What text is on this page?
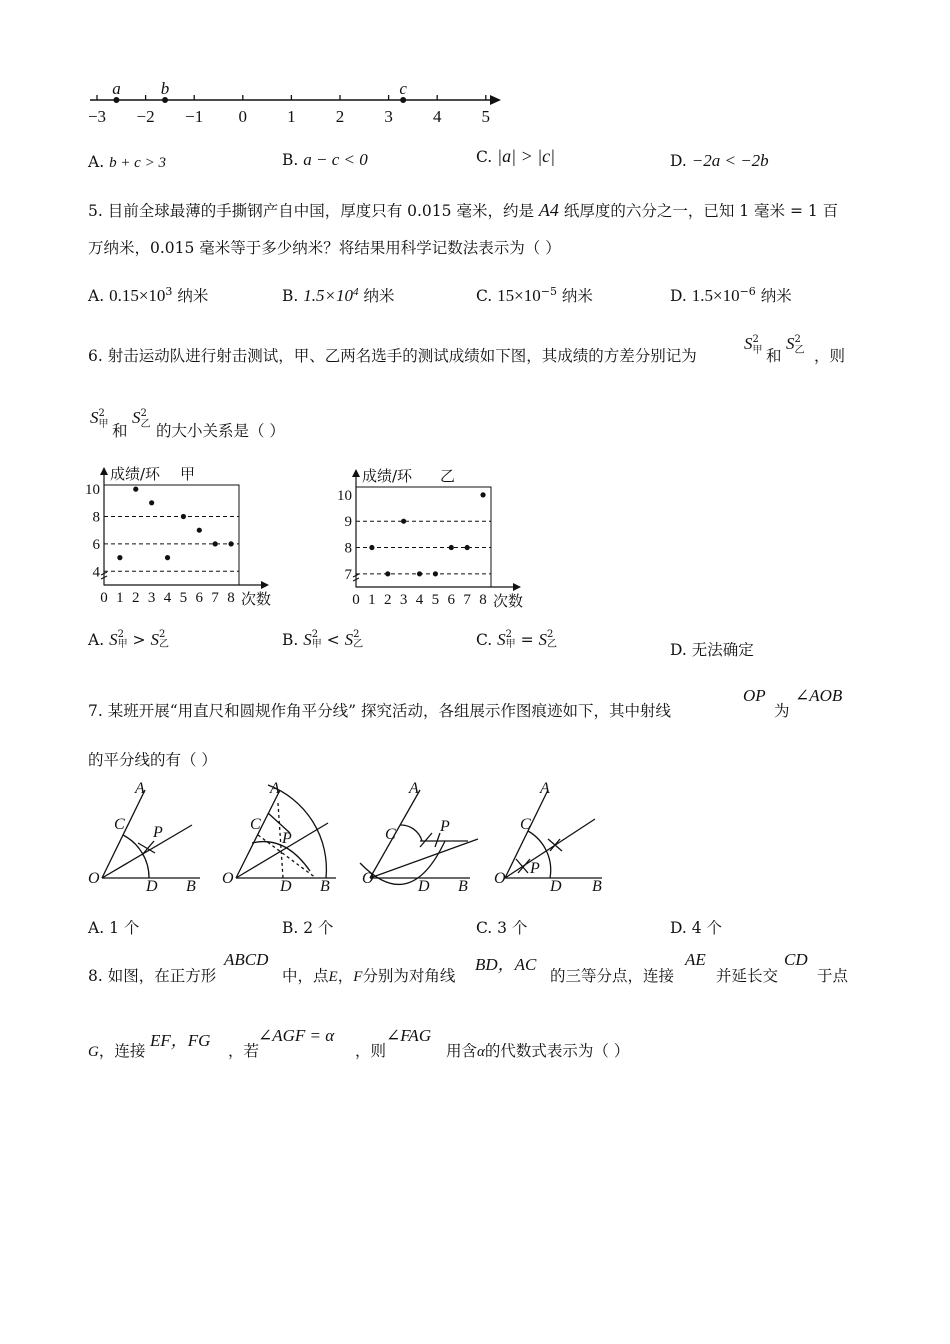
−3 −2 −1 0 1 2 3 4 5
a b	c
A. b + c > 3	B. a − c < 0	C. |a| > |c|	D. −2a < −2b
5. 目前全球最薄的手撕钢产自中国，厚度只有 0.015 毫米，约是 A4 纸厚度的六分之一，已知 1 毫米 = 1 百
万纳米，0.015 毫米等于多少纳米？将结果用科学记数法表示为（ ）
A. $0.15\times 10^3$ 纳米	B. $1.5\times 10^4$ 纳米	C. $15\times 10^{-5}$ 纳米	D. $1.5\times 10^{-6}$ 纳米
6. 射击运动队进行射击测试，甲、乙两名选手的测试成绩如下图，其成绩的方差分别记为
S 2
甲 和
S 2
乙 ，则
S 2
甲 和
S 2
乙 的大小关系是（ ）
0 1 2 3 4 5 6 7 8
4
6
8
10
成绩/环 甲
次数	0 1 2 3 4 5 6 7 8
7
8
9
10
成绩/环 乙
次数
A. S 2
甲 > S 2
乙	B. S 2
甲 < S 2
乙	C. S 2
甲 = S 2
乙	D. 无法确定
7. 某班开展“用直尺和圆规作角平分线” 探究活动，各组展示作图痕迹如下，其中射线
OP
为
∠AOB
的平分线的有（ ）
A
C P
O	D B
A
C
P
O	D B
A
C	P
O	D B
A
C
P
O	D B
A. 1 个	B. 2 个	C. 3 个	D. 4 个
8. 如图，在正方形
ABCD
中，点E，F分别为对角线
BD，AC
的三等分点，连接
AE
并延长交
CD
于点
G，连接
EF，FG
，若
∠AGF = α
，则
∠FAG
用含α的代数式表示为（ ）
